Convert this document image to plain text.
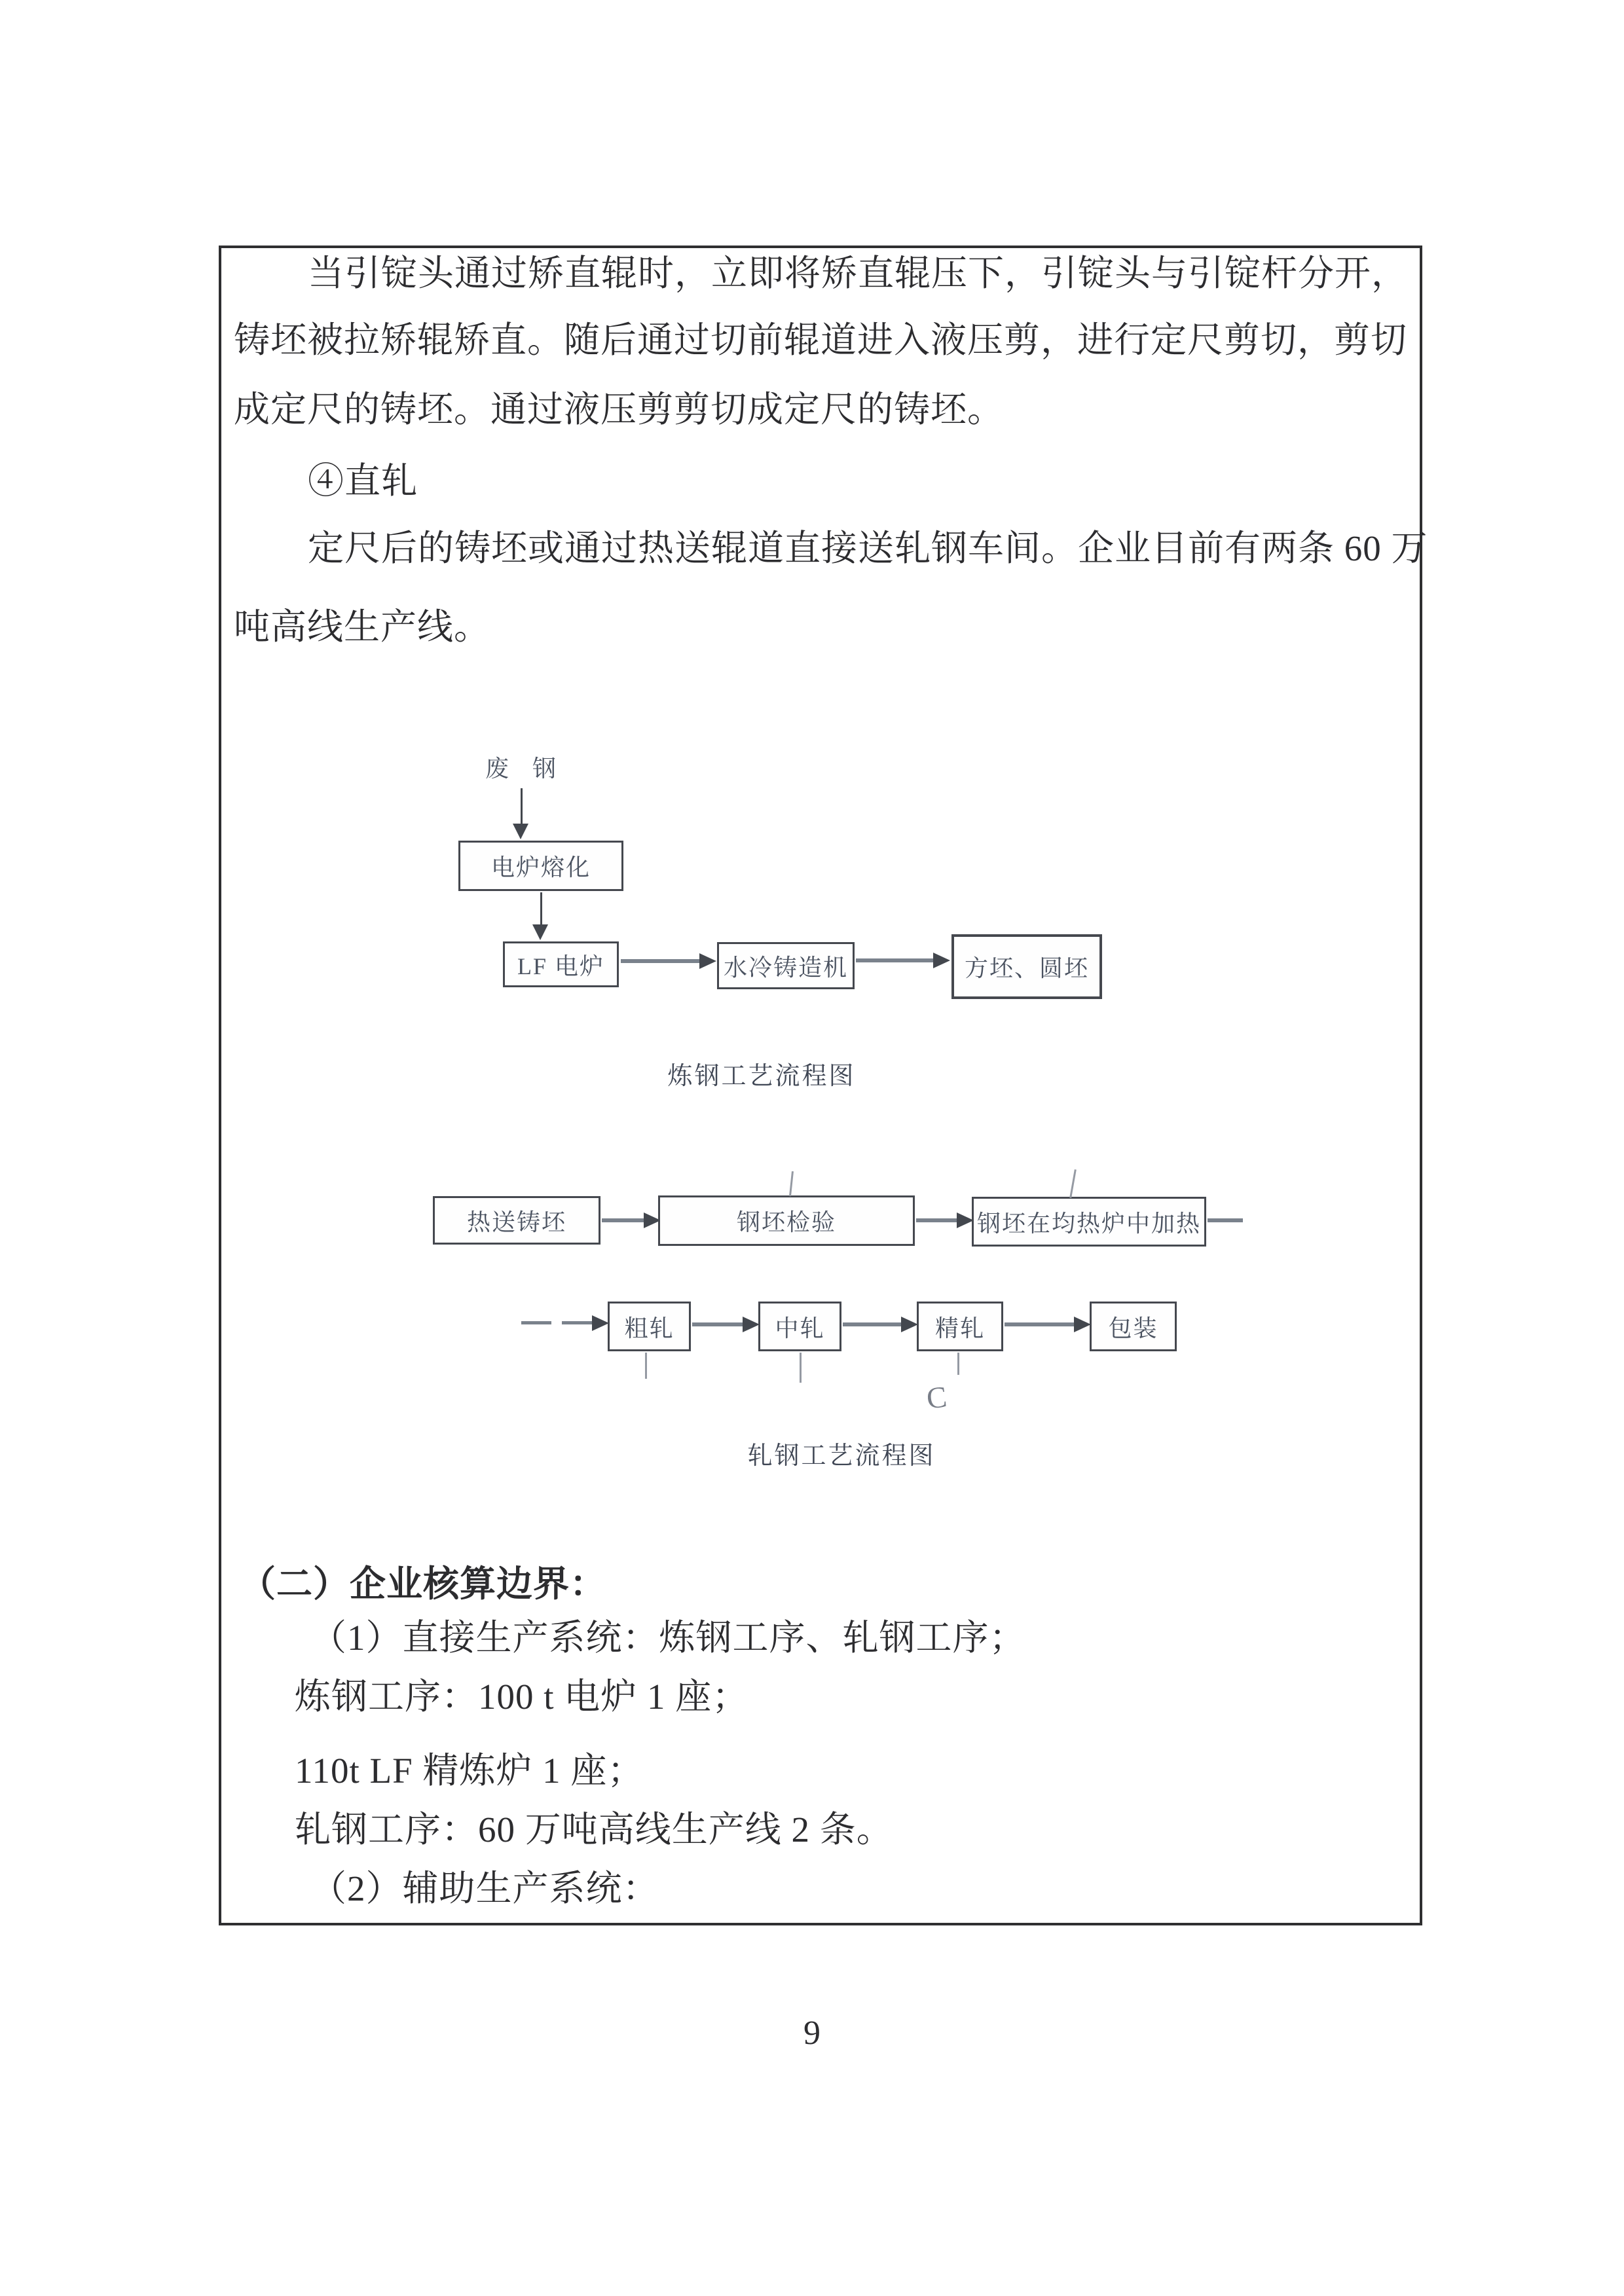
当引锭头通过矫直辊时，立即将矫直辊压下，引锭头与引锭杆分开，
铸坯被拉矫辊矫直。随后通过切前辊道进入液压剪，进行定尺剪切，剪切
成定尺的铸坯。通过液压剪剪切成定尺的铸坯。
④直轧
定尺后的铸坯或通过热送辊道直接送轧钢车间。企业目前有两条 60 万
吨高线生产线。
废　钢
电炉熔化
LF 电炉	水冷铸造机	方坯、圆坯
炼钢工艺流程图
热送铸坯	钢坯检验	钢坯在均热炉中加热
粗轧	中轧	精轧	包装
C
轧钢工艺流程图
（二）企业核算边界：
（1）直接生产系统：炼钢工序、轧钢工序；
炼钢工序：100 t 电炉 1 座；
110t LF 精炼炉 1 座；
轧钢工序：60 万吨高线生产线 2 条。
（2）辅助生产系统：
9
